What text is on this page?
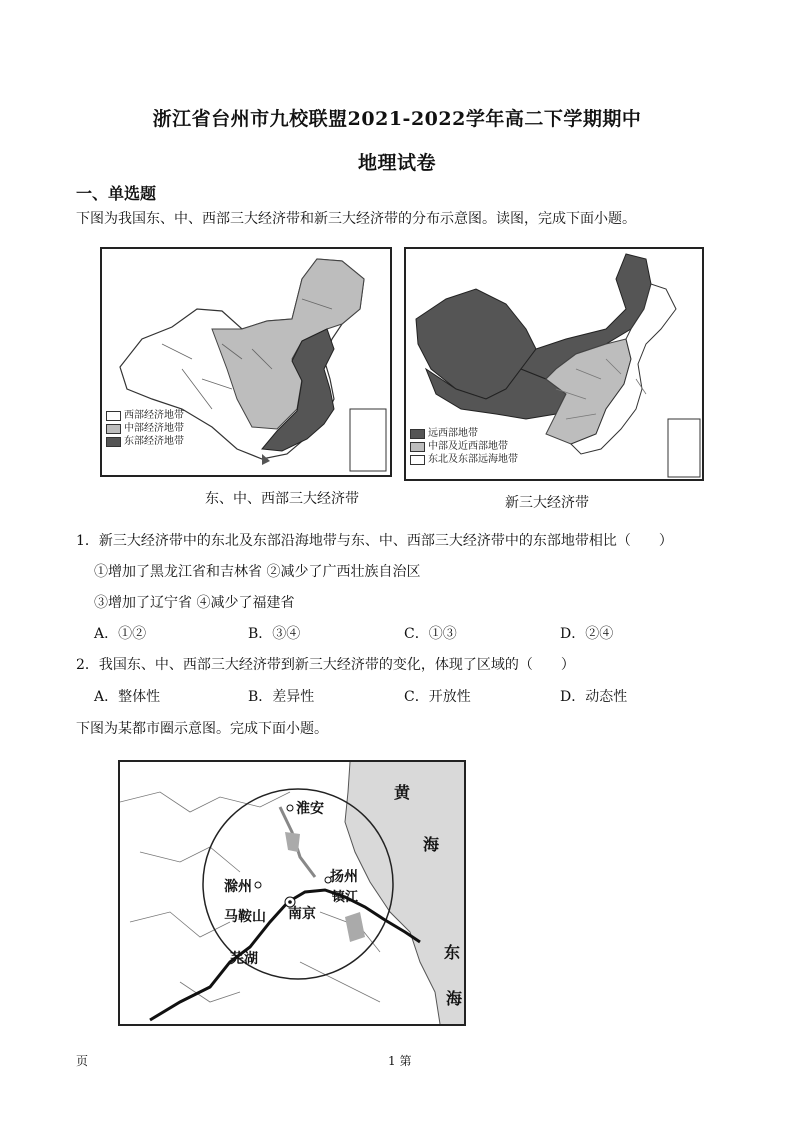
浙江省台州市九校联盟2021-2022学年高二下学期期中
地理试卷
一、单选题
下图为我国东、中、西部三大经济带和新三大经济带的分布示意图。读图，完成下面小题。
西部经济地带
中部经济地带
东部经济地带
东、中、西部三大经济带
远西部地带
中部及近西部地带
东北及东部远海地带
新三大经济带
1．新三大经济带中的东北及东部沿海地带与东、中、西部三大经济带中的东部地带相比（　　）
①增加了黑龙江省和吉林省 ②减少了广西壮族自治区
③增加了辽宁省 ④减少了福建省
A．①②	B．③④	C．①③	D．②④
2．我国东、中、西部三大经济带到新三大经济带的变化，体现了区域的（　　）
A．整体性	B．差异性	C．开放性	D．动态性
下图为某都市圈示意图。完成下面小题。
淮安
扬州
镇江
滁州
南京
马鞍山
芜湖
黄
海
东
海
页	1 第
